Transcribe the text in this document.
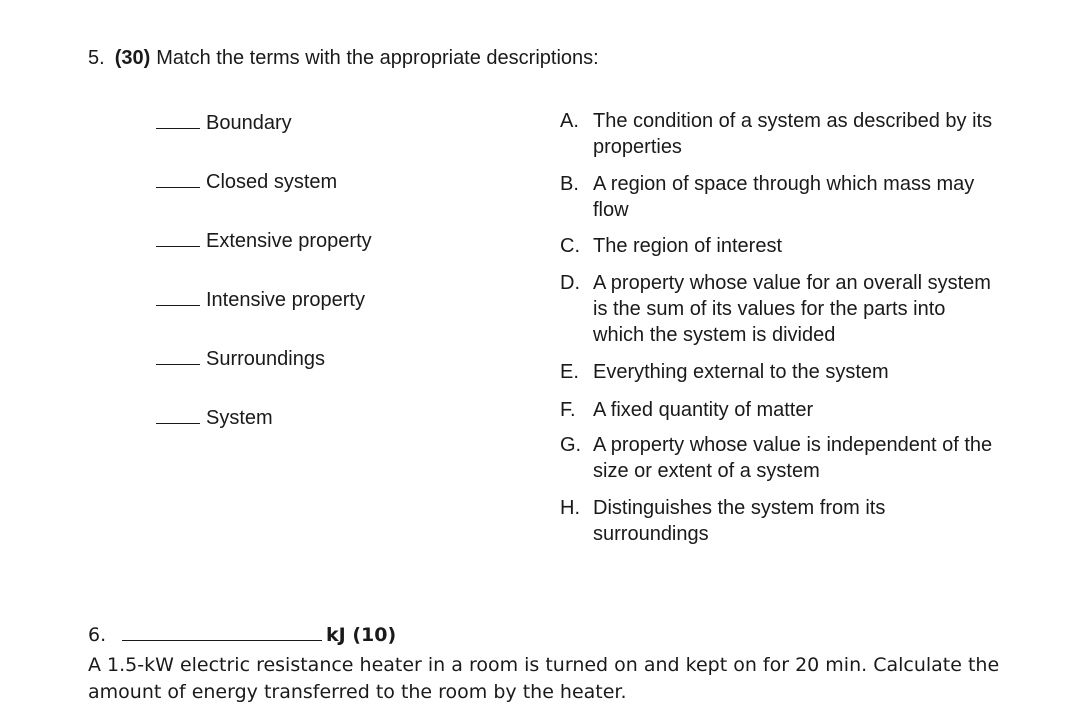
5. (30) Match the terms with the appropriate descriptions:
Boundary
Closed system
Extensive property
Intensive property
Surroundings
System
A. The condition of a system as described by its properties
B. A region of space through which mass may flow
C. The region of interest
D. A property whose value for an overall system is the sum of its values for the parts into which the system is divided
E. Everything external to the system
F. A fixed quantity of matter
G. A property whose value is independent of the size or extent of a system
H. Distinguishes the system from its surroundings
6.	kJ (10)
A 1.5-kW electric resistance heater in a room is turned on and kept on for 20 min. Calculate the amount of energy transferred to the room by the heater.
